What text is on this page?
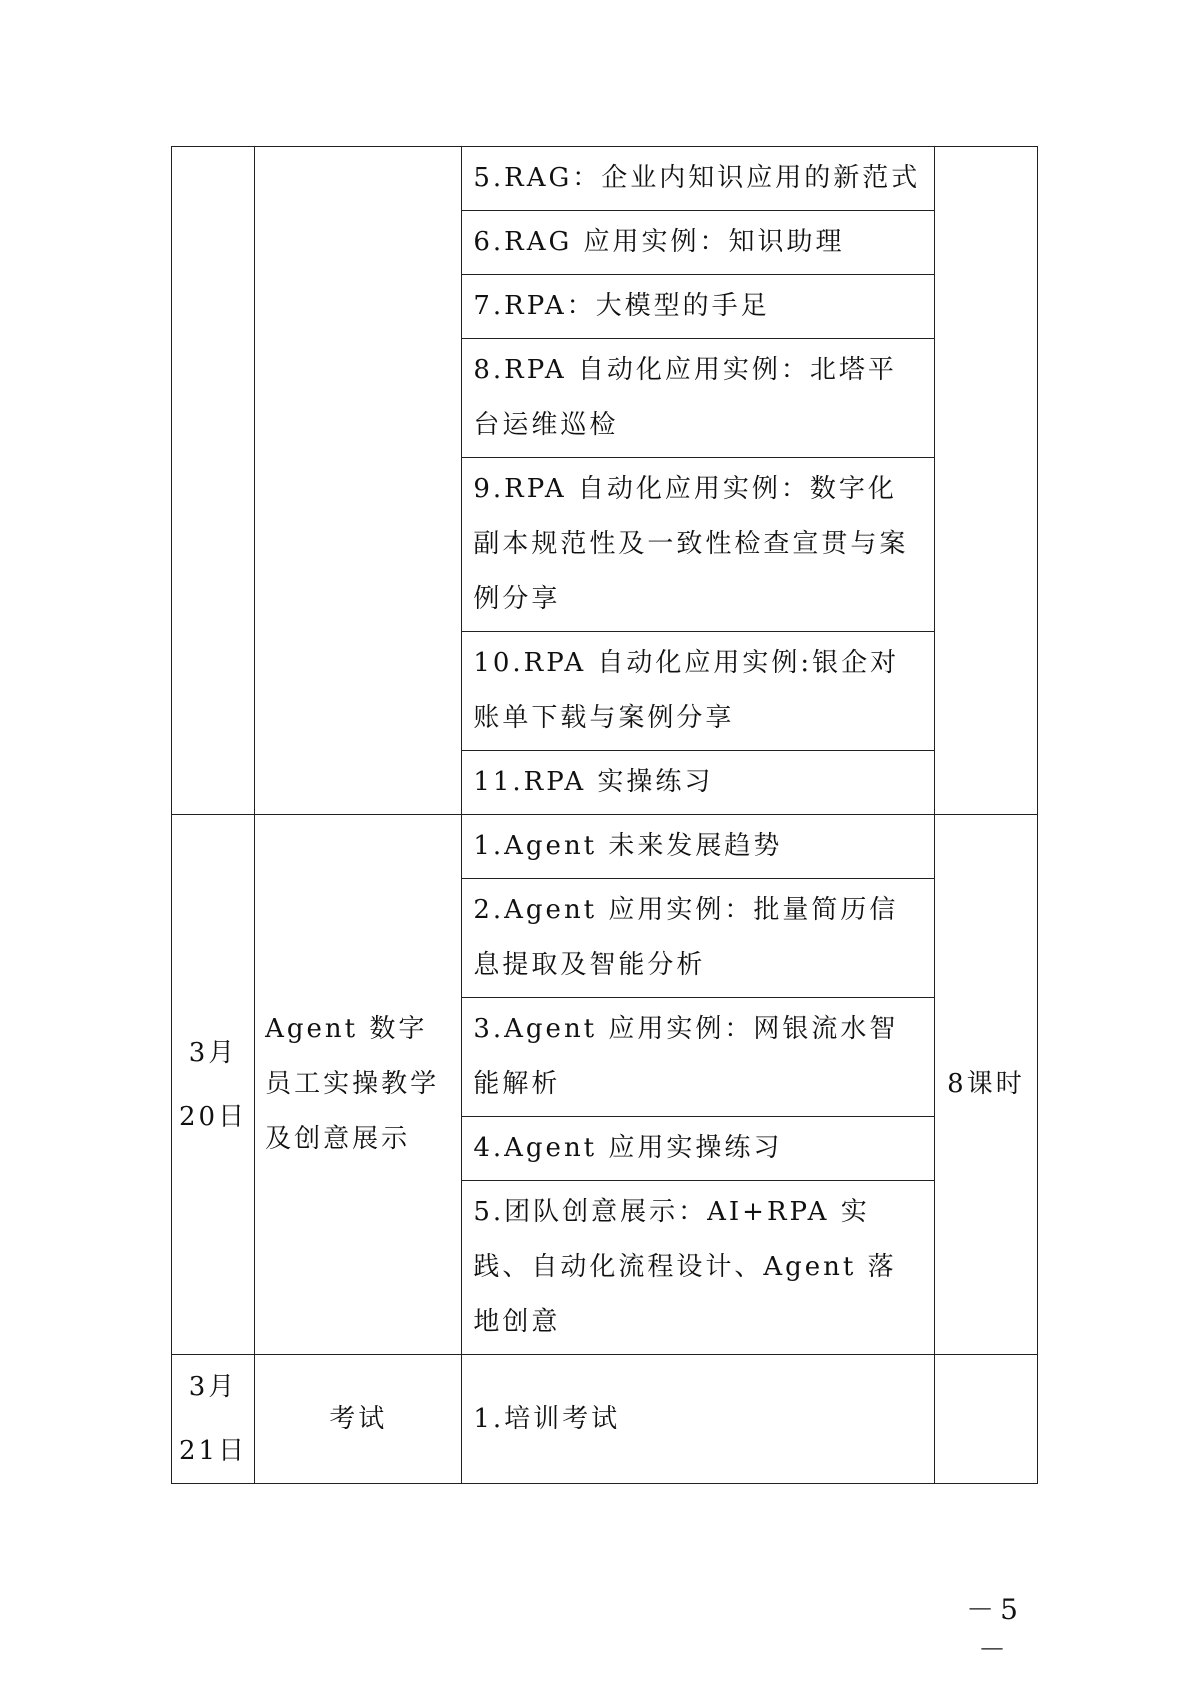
		5.RAG：企业内知识应用的新范式	
		6.RAG 应用实例：知识助理	
		7.RPA：大模型的手足	
		8.RPA 自动化应用实例：北塔平台运维巡检	
		9.RPA 自动化应用实例：数字化副本规范性及一致性检查宣贯与案例分享	
		10.RPA 自动化应用实例:银企对账单下载与案例分享	
		11.RPA 实操练习	
3月20日	Agent 数字员工实操教学及创意展示	1.Agent 未来发展趋势	8课时
		2.Agent 应用实例：批量简历信息提取及智能分析	
		3.Agent 应用实例：网银流水智能解析	
		4.Agent 应用实操练习	
		5.团队创意展示：AI+RPA 实践、自动化流程设计、Agent 落地创意	
3月21日	考试	1.培训考试	
－5－
